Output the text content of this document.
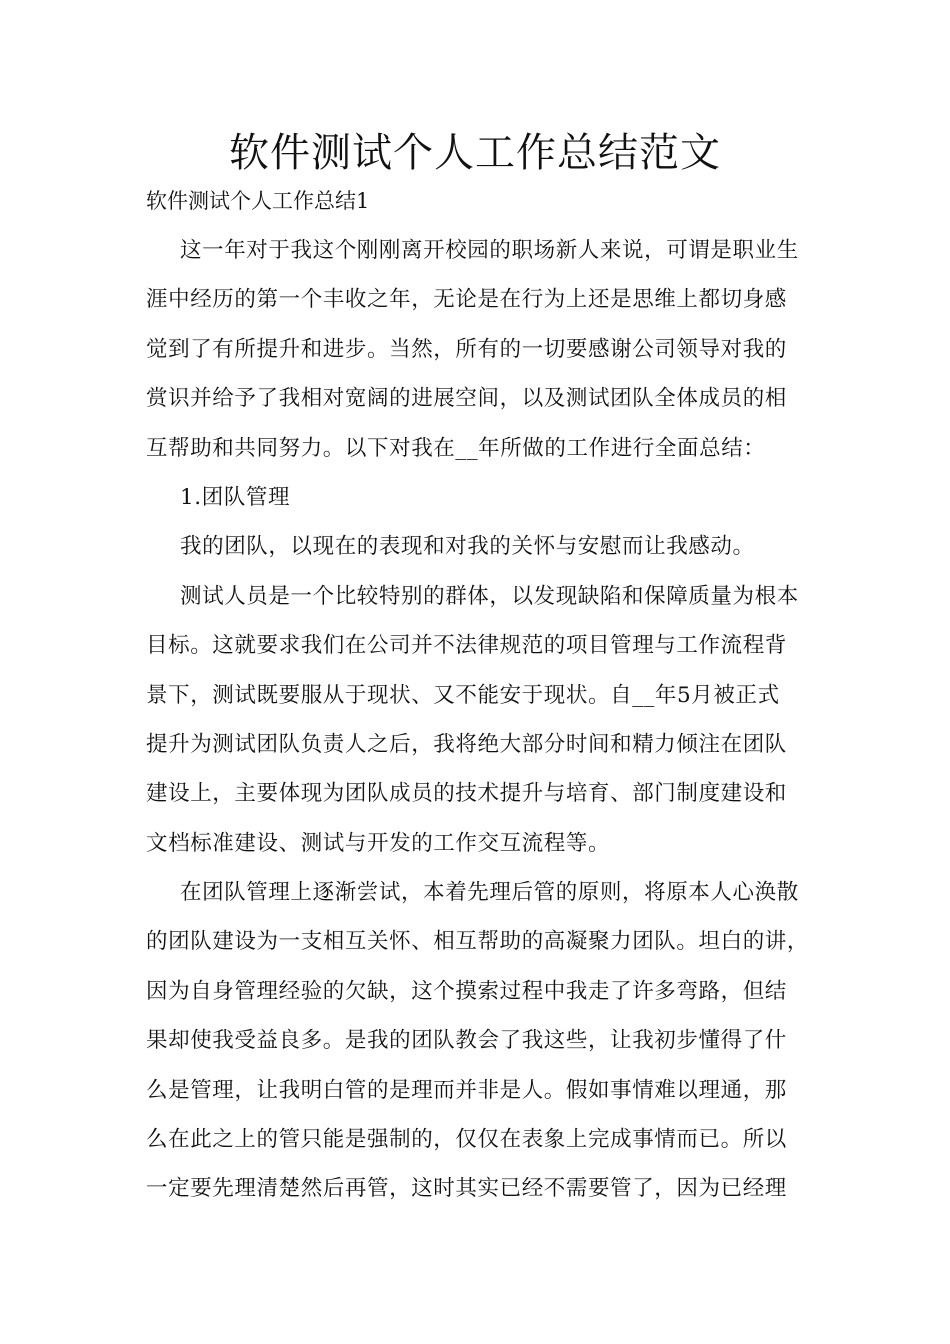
软件测试个人工作总结范文

软件测试个人工作总结1

这一年对于我这个刚刚离开校园的职场新人来说，可谓是职业生
涯中经历的第一个丰收之年，无论是在行为上还是思维上都切身感
觉到了有所提升和进步。当然，所有的一切要感谢公司领导对我的
赏识并给予了我相对宽阔的进展空间，以及测试团队全体成员的相
互帮助和共同努力。以下对我在__年所做的工作进行全面总结：
1.团队管理
我的团队，以现在的表现和对我的关怀与安慰而让我感动。
测试人员是一个比较特别的群体，以发现缺陷和保障质量为根本
目标。这就要求我们在公司并不法律规范的项目管理与工作流程背
景下，测试既要服从于现状、又不能安于现状。自__年5月被正式
提升为测试团队负责人之后，我将绝大部分时间和精力倾注在团队
建设上，主要体现为团队成员的技术提升与培育、部门制度建设和
文档标准建设、测试与开发的工作交互流程等。
在团队管理上逐渐尝试，本着先理后管的原则，将原本人心涣散
的团队建设为一支相互关怀、相互帮助的高凝聚力团队。坦白的讲，
因为自身管理经验的欠缺，这个摸索过程中我走了许多弯路，但结
果却使我受益良多。是我的团队教会了我这些，让我初步懂得了什
么是管理，让我明白管的是理而并非是人。假如事情难以理通，那
么在此之上的管只能是强制的，仅仅在表象上完成事情而已。所以
一定要先理清楚然后再管，这时其实已经不需要管了，因为已经理
